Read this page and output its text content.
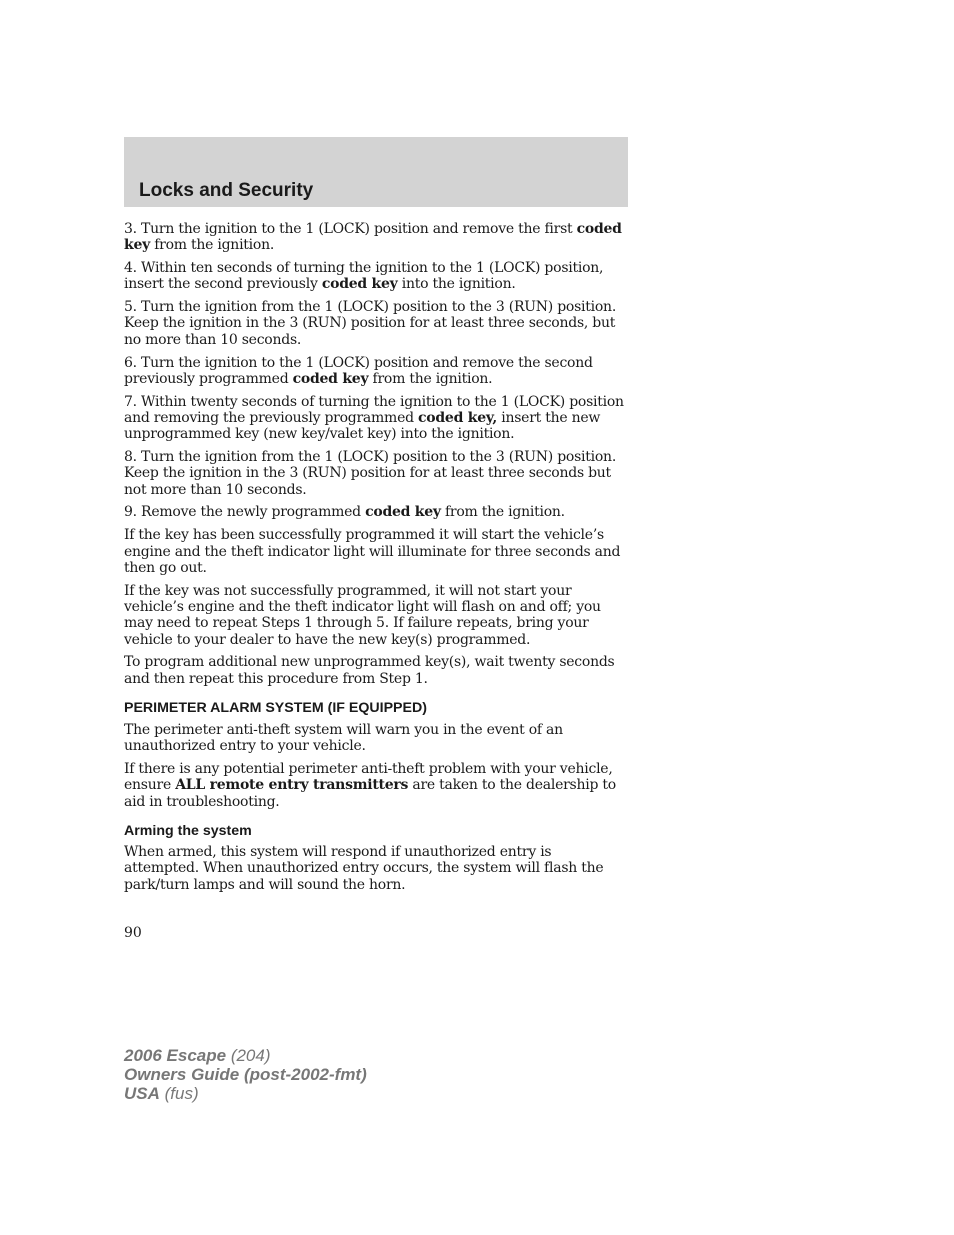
Locks and Security

3. Turn the ignition to the 1 (LOCK) position and remove the first coded key from the ignition.

4. Within ten seconds of turning the ignition to the 1 (LOCK) position, insert the second previously coded key into the ignition.

5. Turn the ignition from the 1 (LOCK) position to the 3 (RUN) position. Keep the ignition in the 3 (RUN) position for at least three seconds, but no more than 10 seconds.

6. Turn the ignition to the 1 (LOCK) position and remove the second previously programmed coded key from the ignition.

7. Within twenty seconds of turning the ignition to the 1 (LOCK) position and removing the previously programmed coded key, insert the new unprogrammed key (new key/valet key) into the ignition.

8. Turn the ignition from the 1 (LOCK) position to the 3 (RUN) position. Keep the ignition in the 3 (RUN) position for at least three seconds but not more than 10 seconds.

9. Remove the newly programmed coded key from the ignition.

If the key has been successfully programmed it will start the vehicle’s engine and the theft indicator light will illuminate for three seconds and then go out.

If the key was not successfully programmed, it will not start your vehicle’s engine and the theft indicator light will flash on and off; you may need to repeat Steps 1 through 5. If failure repeats, bring your vehicle to your dealer to have the new key(s) programmed.

To program additional new unprogrammed key(s), wait twenty seconds and then repeat this procedure from Step 1.

PERIMETER ALARM SYSTEM (IF EQUIPPED)

The perimeter anti-theft system will warn you in the event of an unauthorized entry to your vehicle.

If there is any potential perimeter anti-theft problem with your vehicle, ensure ALL remote entry transmitters are taken to the dealership to aid in troubleshooting.

Arming the system

When armed, this system will respond if unauthorized entry is attempted. When unauthorized entry occurs, the system will flash the park/turn lamps and will sound the horn.

90
2006 Escape (204)
Owners Guide (post-2002-fmt)
USA (fus)
